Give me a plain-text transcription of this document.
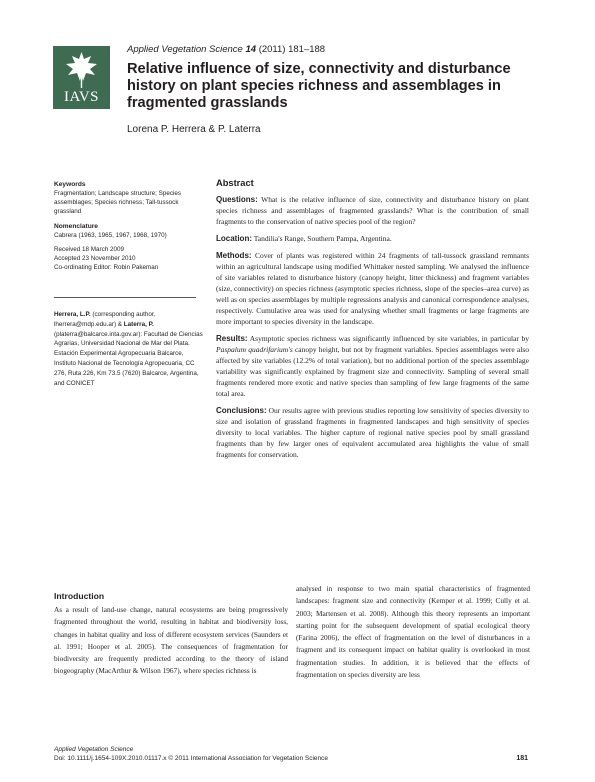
IAVS
Applied Vegetation Science 14 (2011) 181–188
Relative influence of size, connectivity and disturbance history on plant species richness and assemblages in fragmented grasslands
Lorena P. Herrera & P. Laterra

Keywords

Fragmentation; Landscape structure; Species assemblages; Species richness; Tall-tussock grassland

Nomenclature

Cabrera (1963, 1965, 1967, 1968, 1970)

Received 18 March 2009

Accepted 23 November 2010

Co-ordinating Editor: Robin Pakeman

Herrera, L.P. (corresponding author, lherrera@mdp.edu.ar) & Laterra, P. (platerra@balcarce.inta.gov.ar): Facultad de Ciencias Agrarias, Universidad Nacional de Mar del Plata. Estación Experimental Agropecuaria Balcarce, Instituto Nacional de Tecnología Agropecuaria, CC 276, Ruta 226, Km 73.5 (7620) Balcarce, Argentina, and CONICET

Abstract

Questions: What is the relative influence of size, connectivity and disturbance history on plant species richness and assemblages of fragmented grasslands? What is the contribution of small fragments to the conservation of native species pool of the region?

Location: Tandilia's Range, Southern Pampa, Argentina.

Methods: Cover of plants was registered within 24 fragments of tall-tussock grassland remnants within an agricultural landscape using modified Whittaker nested sampling. We analysed the influence of site variables related to disturbance history (canopy height, litter thickness) and fragment variables (size, connectivity) on species richness (asymptotic species richness, slope of the species–area curve) as well as on species assemblages by multiple regressions analysis and canonical correspondence analyses, respectively. Cumulative area was used for analysing whether small fragments or large fragments are more important to species diversity in the landscape.

Results: Asymptotic species richness was significantly influenced by site variables, in particular by Paspalum quadrifarium's canopy height, but not by fragment variables. Species assemblages were also affected by site variables (12.2% of total variation), but no additional portion of the species assemblage variability was significantly explained by fragment size and connectivity. Sampling of several small fragments rendered more exotic and native species than sampling of few large fragments of the same total area.

Conclusions: Our results agree with previous studies reporting low sensitivity of species diversity to size and isolation of grassland fragments in fragmented landscapes and high sensitivity of species diversity to local variables. The higher capture of regional native species pool by small grassland fragments than by few larger ones of equivalent accumulated area highlights the value of small fragments for conservation.

Introduction

As a result of land-use change, natural ecosystems are being progressively fragmented throughout the world, resulting in habitat and biodiversity loss, changes in habitat quality and loss of different ecosystem services (Saunders et al. 1991; Hooper et al. 2005). The consequences of fragmentation for biodiversity are frequently predicted according to the theory of island biogeography (MacArthur & Wilson 1967), where species richness is

analysed in response to two main spatial characteristics of fragmented landscapes: fragment size and connectivity (Kemper et al. 1999; Cully et al. 2003; Martensen et al. 2008). Although this theory represents an important starting point for the subsequent development of spatial ecological theory (Farina 2006), the effect of fragmentation on the level of disturbances in a fragment and its consequent impact on habitat quality is overlooked in most fragmentation studies. In addition, it is believed that the effects of fragmentation on species diversity are less

Applied Vegetation Science
Doi: 10.1111/j.1654-109X.2010.01117.x © 2011 International Association for Vegetation Science	181
